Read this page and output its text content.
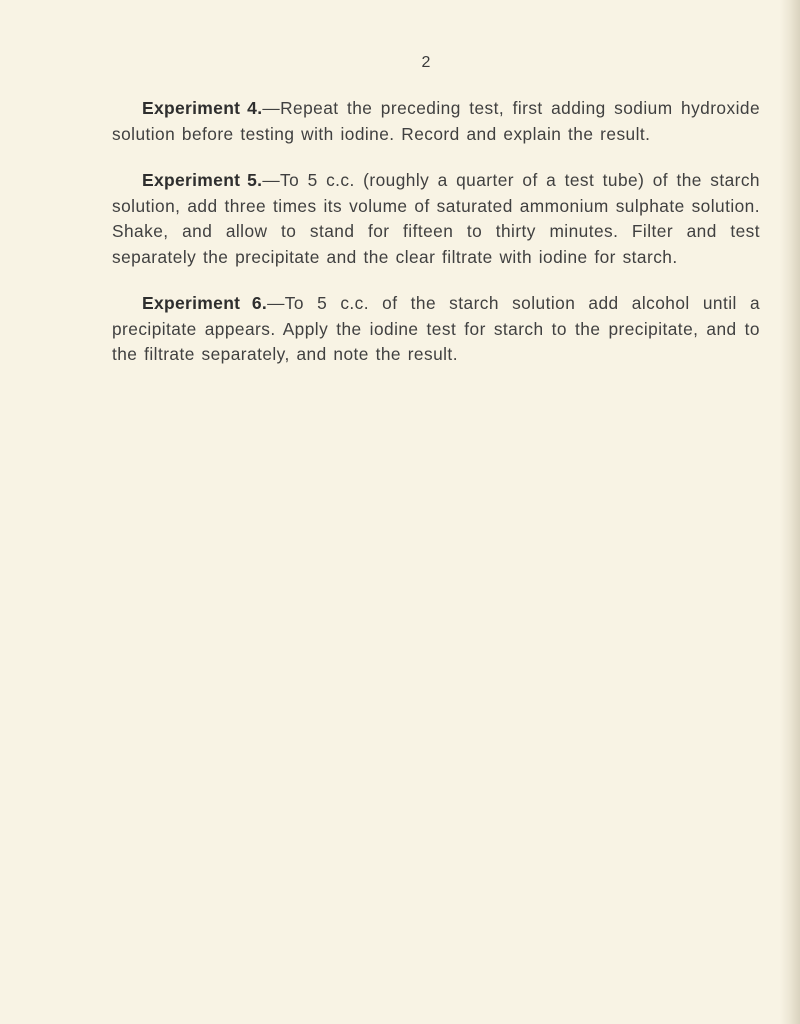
2

Experiment 4.—Repeat the preceding test, first adding sodium hydroxide solution before testing with iodine. Record and explain the result.

Experiment 5.—To 5 c.c. (roughly a quarter of a test tube) of the starch solution, add three times its volume of saturated ammonium sulphate solution. Shake, and allow to stand for fifteen to thirty minutes. Filter and test separately the precipitate and the clear filtrate with iodine for starch.

Experiment 6.—To 5 c.c. of the starch solution add alcohol until a precipitate appears. Apply the iodine test for starch to the precipitate, and to the filtrate separately, and note the result.
